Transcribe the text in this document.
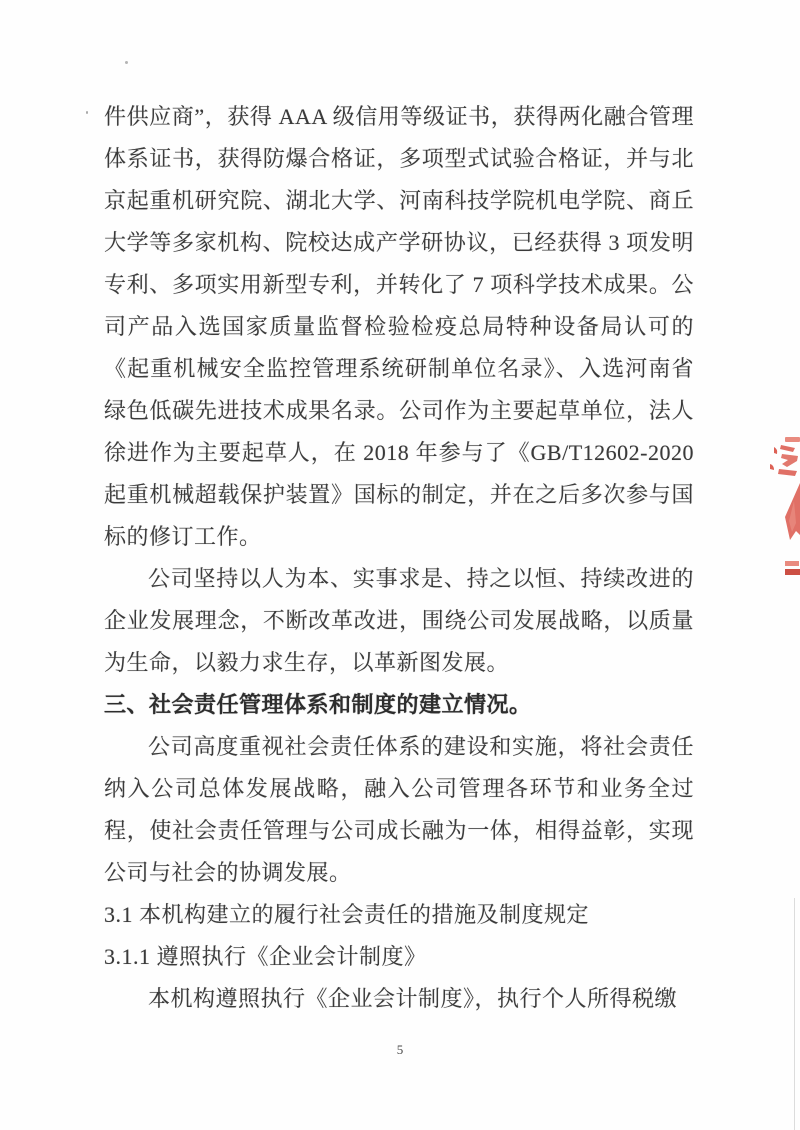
件供应商”，获得 AAA 级信用等级证书，获得两化融合管理
体系证书，获得防爆合格证，多项型式试验合格证，并与北
京起重机研究院、湖北大学、河南科技学院机电学院、商丘
大学等多家机构、院校达成产学研协议，已经获得 3 项发明
专利、多项实用新型专利，并转化了 7 项科学技术成果。公
司产品入选国家质量监督检验检疫总局特种设备局认可的
《起重机械安全监控管理系统研制单位名录》、入选河南省
绿色低碳先进技术成果名录。公司作为主要起草单位，法人
徐进作为主要起草人，在 2018 年参与了《GB/T12602-2020
起重机械超载保护装置》国标的制定，并在之后多次参与国
标的修订工作。
公司坚持以人为本、实事求是、持之以恒、持续改进的
企业发展理念，不断改革改进，围绕公司发展战略，以质量
为生命，以毅力求生存，以革新图发展。
三、社会责任管理体系和制度的建立情况。
公司高度重视社会责任体系的建设和实施，将社会责任
纳入公司总体发展战略，融入公司管理各环节和业务全过
程，使社会责任管理与公司成长融为一体，相得益彰，实现
公司与社会的协调发展。
3.1 本机构建立的履行社会责任的措施及制度规定
3.1.1 遵照执行《企业会计制度》
本机构遵照执行《企业会计制度》，执行个人所得税缴
5
